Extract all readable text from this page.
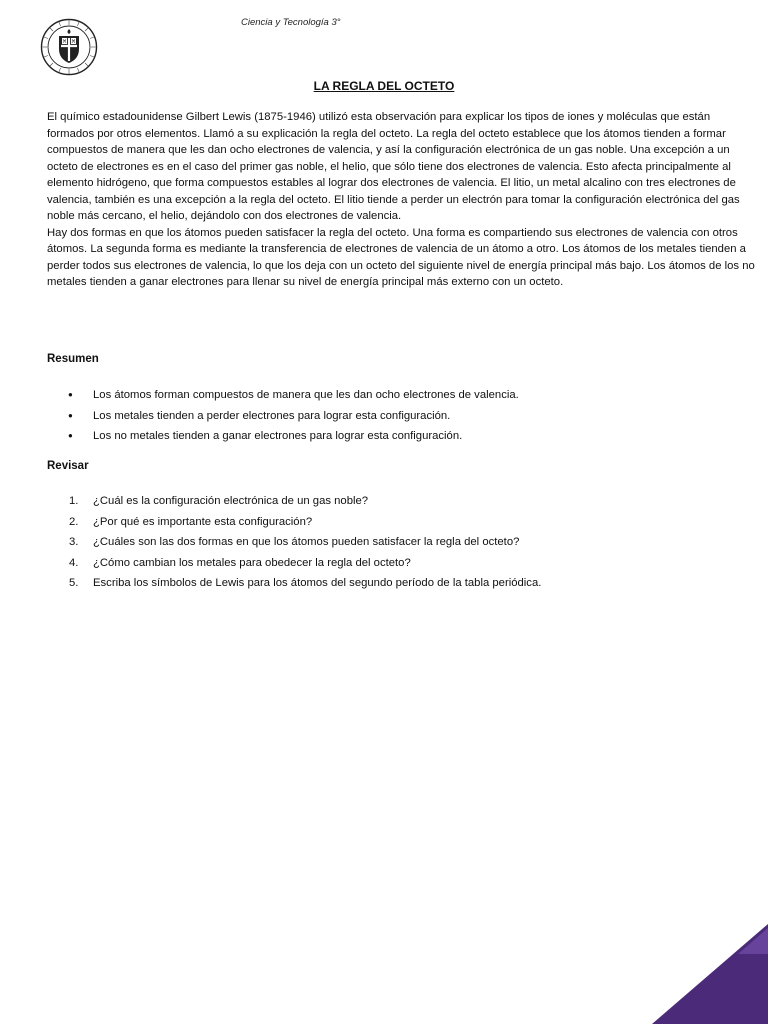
Ciencia y Tecnología 3°
LA REGLA DEL OCTETO

El químico estadounidense Gilbert Lewis (1875-1946) utilizó esta observación para explicar los tipos de iones y moléculas que están formados por otros elementos. Llamó a su explicación la regla del octeto. La regla del octeto establece que los átomos tienden a formar compuestos de manera que les dan ocho electrones de valencia, y así la configuración electrónica de un gas noble. Una excepción a un octeto de electrones es en el caso del primer gas noble, el helio, que sólo tiene dos electrones de valencia. Esto afecta principalmente al elemento hidrógeno, que forma compuestos estables al lograr dos electrones de valencia. El litio, un metal alcalino con tres electrones de valencia, también es una excepción a la regla del octeto. El litio tiende a perder un electrón para tomar la configuración electrónica del gas noble más cercano, el helio, dejándolo con dos electrones de valencia.

Hay dos formas en que los átomos pueden satisfacer la regla del octeto. Una forma es compartiendo sus electrones de valencia con otros átomos. La segunda forma es mediante la transferencia de electrones de valencia de un átomo a otro. Los átomos de los metales tienden a perder todos sus electrones de valencia, lo que los deja con un octeto del siguiente nivel de energía principal más bajo. Los átomos de los no metales tienden a ganar electrones para llenar su nivel de energía principal más externo con un octeto.

Resumen
● Los átomos forman compuestos de manera que les dan ocho electrones de valencia.
● Los metales tienden a perder electrones para lograr esta configuración.
● Los no metales tienden a ganar electrones para lograr esta configuración.
Revisar
1. ¿Cuál es la configuración electrónica de un gas noble?
2. ¿Por qué es importante esta configuración?
3. ¿Cuáles son las dos formas en que los átomos pueden satisfacer la regla del octeto?
4. ¿Cómo cambian los metales para obedecer la regla del octeto?
5. Escriba los símbolos de Lewis para los átomos del segundo período de la tabla periódica.
